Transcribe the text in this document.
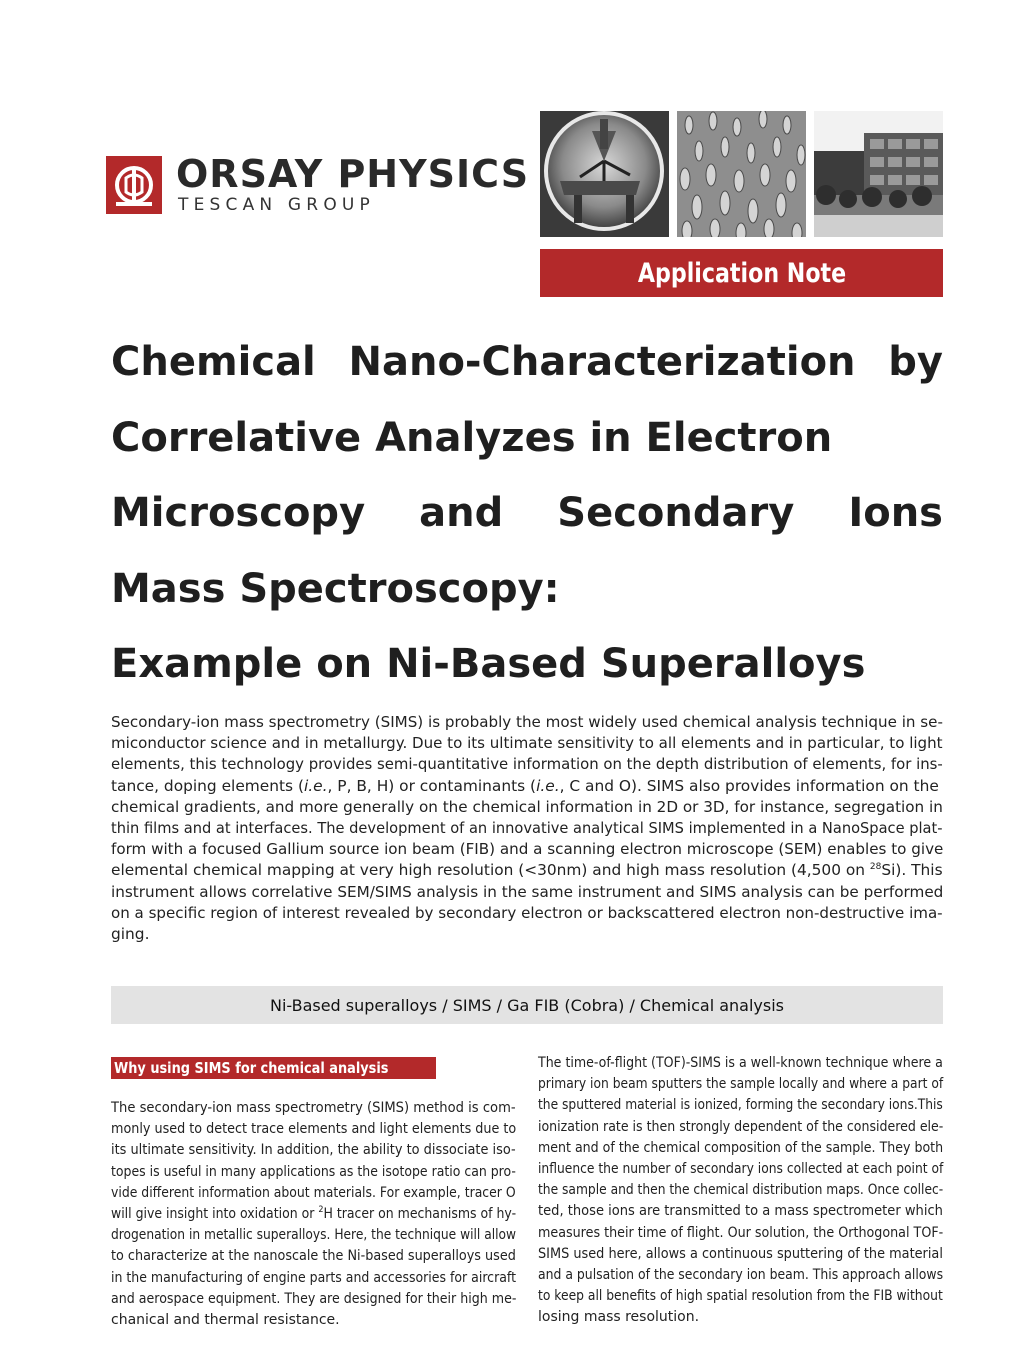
ORSAY PHYSICS
TESCAN GROUP
Application Note
Chemical Nano-Characterization by
Correlative Analyzes in Electron
Microscopy and Secondary Ions
Mass Spectroscopy:
Example on Ni-Based Superalloys
Secondary-ion mass spectrometry (SIMS) is probably the most widely used chemical analysis technique in se-
miconductor science and in metallurgy. Due to its ultimate sensitivity to all elements and in particular, to light
elements, this technology provides semi-quantitative information on the depth distribution of elements, for ins-
tance, doping elements (i.e., P, B, H) or contaminants (i.e., C and O). SIMS also provides information on the
chemical gradients, and more generally on the chemical information in 2D or 3D, for instance, segregation in
thin films and at interfaces. The development of an innovative analytical SIMS implemented in a NanoSpace plat-
form with a focused Gallium source ion beam (FIB) and a scanning electron microscope (SEM) enables to give
elemental chemical mapping at very high resolution (<30nm) and high mass resolution (4,500 on $^{28}$Si). This
instrument allows correlative SEM/SIMS analysis in the same instrument and SIMS analysis can be performed
on a specific region of interest revealed by secondary electron or backscattered electron non-destructive ima-
ging.
Ni-Based superalloys / SIMS / Ga FIB (Cobra) / Chemical analysis
Why using SIMS for chemical analysis
The secondary-ion mass spectrometry (SIMS) method is com-
monly used to detect trace elements and light elements due to
its ultimate sensitivity. In addition, the ability to dissociate iso-
topes is useful in many applications as the isotope ratio can pro-
vide different information about materials. For example, tracer O
will give insight into oxidation or $^2$H tracer on mechanisms of hy-
drogenation in metallic superalloys. Here, the technique will allow
to characterize at the nanoscale the Ni-based superalloys used
in the manufacturing of engine parts and accessories for aircraft
and aerospace equipment. They are designed for their high me-
chanical and thermal resistance.
The time-of-flight (TOF)-SIMS is a well-known technique where a
primary ion beam sputters the sample locally and where a part of
the sputtered material is ionized, forming the secondary ions.This
ionization rate is then strongly dependent of the considered ele-
ment and of the chemical composition of the sample. They both
influence the number of secondary ions collected at each point of
the sample and then the chemical distribution maps. Once collec-
ted, those ions are transmitted to a mass spectrometer which
measures their time of flight. Our solution, the Orthogonal TOF-
SIMS used here, allows a continuous sputtering of the material
and a pulsation of the secondary ion beam. This approach allows
to keep all benefits of high spatial resolution from the FIB without
losing mass resolution.
